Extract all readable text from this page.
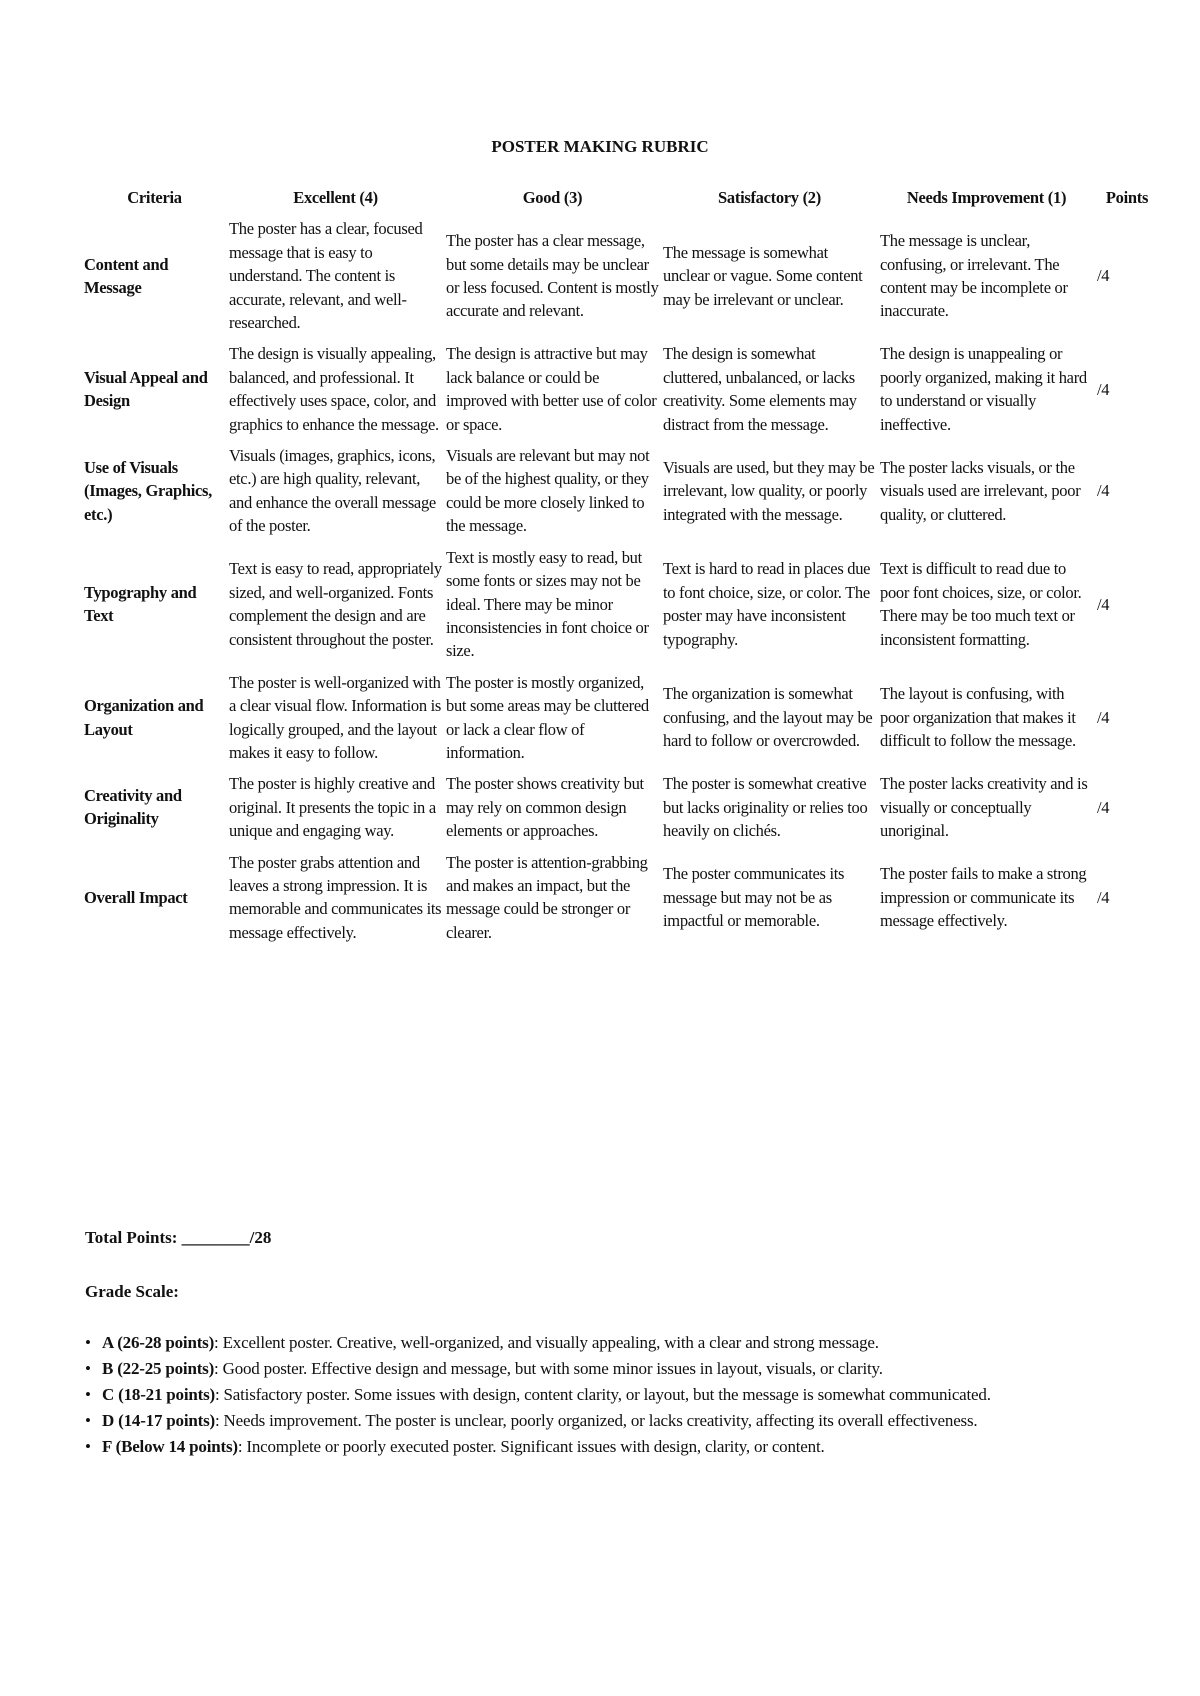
POSTER MAKING RUBRIC
Criteria	Excellent (4)	Good (3)	Satisfactory (2)	Needs Improvement (1)	Points
Content and Message	The poster has a clear, focused message that is easy to understand. The content is accurate, relevant, and well-researched.	The poster has a clear message, but some details may be unclear or less focused. Content is mostly accurate and relevant.	The message is somewhat unclear or vague. Some content may be irrelevant or unclear.	The message is unclear, confusing, or irrelevant. The content may be incomplete or inaccurate.	/4
Visual Appeal and Design	The design is visually appealing, balanced, and professional. It effectively uses space, color, and graphics to enhance the message.	The design is attractive but may lack balance or could be improved with better use of color or space.	The design is somewhat cluttered, unbalanced, or lacks creativity. Some elements may distract from the message.	The design is unappealing or poorly organized, making it hard to understand or visually ineffective.	/4
Use of Visuals (Images, Graphics, etc.)	Visuals (images, graphics, icons, etc.) are high quality, relevant, and enhance the overall message of the poster.	Visuals are relevant but may not be of the highest quality, or they could be more closely linked to the message.	Visuals are used, but they may be irrelevant, low quality, or poorly integrated with the message.	The poster lacks visuals, or the visuals used are irrelevant, poor quality, or cluttered.	/4
Typography and Text	Text is easy to read, appropriately sized, and well-organized. Fonts complement the design and are consistent throughout the poster.	Text is mostly easy to read, but some fonts or sizes may not be ideal. There may be minor inconsistencies in font choice or size.	Text is hard to read in places due to font choice, size, or color. The poster may have inconsistent typography.	Text is difficult to read due to poor font choices, size, or color. There may be too much text or inconsistent formatting.	/4
Organization and Layout	The poster is well-organized with a clear visual flow. Information is logically grouped, and the layout makes it easy to follow.	The poster is mostly organized, but some areas may be cluttered or lack a clear flow of information.	The organization is somewhat confusing, and the layout may be hard to follow or overcrowded.	The layout is confusing, with poor organization that makes it difficult to follow the message.	/4
Creativity and Originality	The poster is highly creative and original. It presents the topic in a unique and engaging way.	The poster shows creativity but may rely on common design elements or approaches.	The poster is somewhat creative but lacks originality or relies too heavily on clichés.	The poster lacks creativity and is visually or conceptually unoriginal.	/4
Overall Impact	The poster grabs attention and leaves a strong impression. It is memorable and communicates its message effectively.	The poster is attention-grabbing and makes an impact, but the message could be stronger or clearer.	The poster communicates its message but may not be as impactful or memorable.	The poster fails to make a strong impression or communicate its message effectively.	/4
Total Points: ________/28
Grade Scale:
• A (26-28 points): Excellent poster. Creative, well-organized, and visually appealing, with a clear and strong message.
• B (22-25 points): Good poster. Effective design and message, but with some minor issues in layout, visuals, or clarity.
• C (18-21 points): Satisfactory poster. Some issues with design, content clarity, or layout, but the message is somewhat communicated.
• D (14-17 points): Needs improvement. The poster is unclear, poorly organized, or lacks creativity, affecting its overall effectiveness.
• F (Below 14 points): Incomplete or poorly executed poster. Significant issues with design, clarity, or content.
